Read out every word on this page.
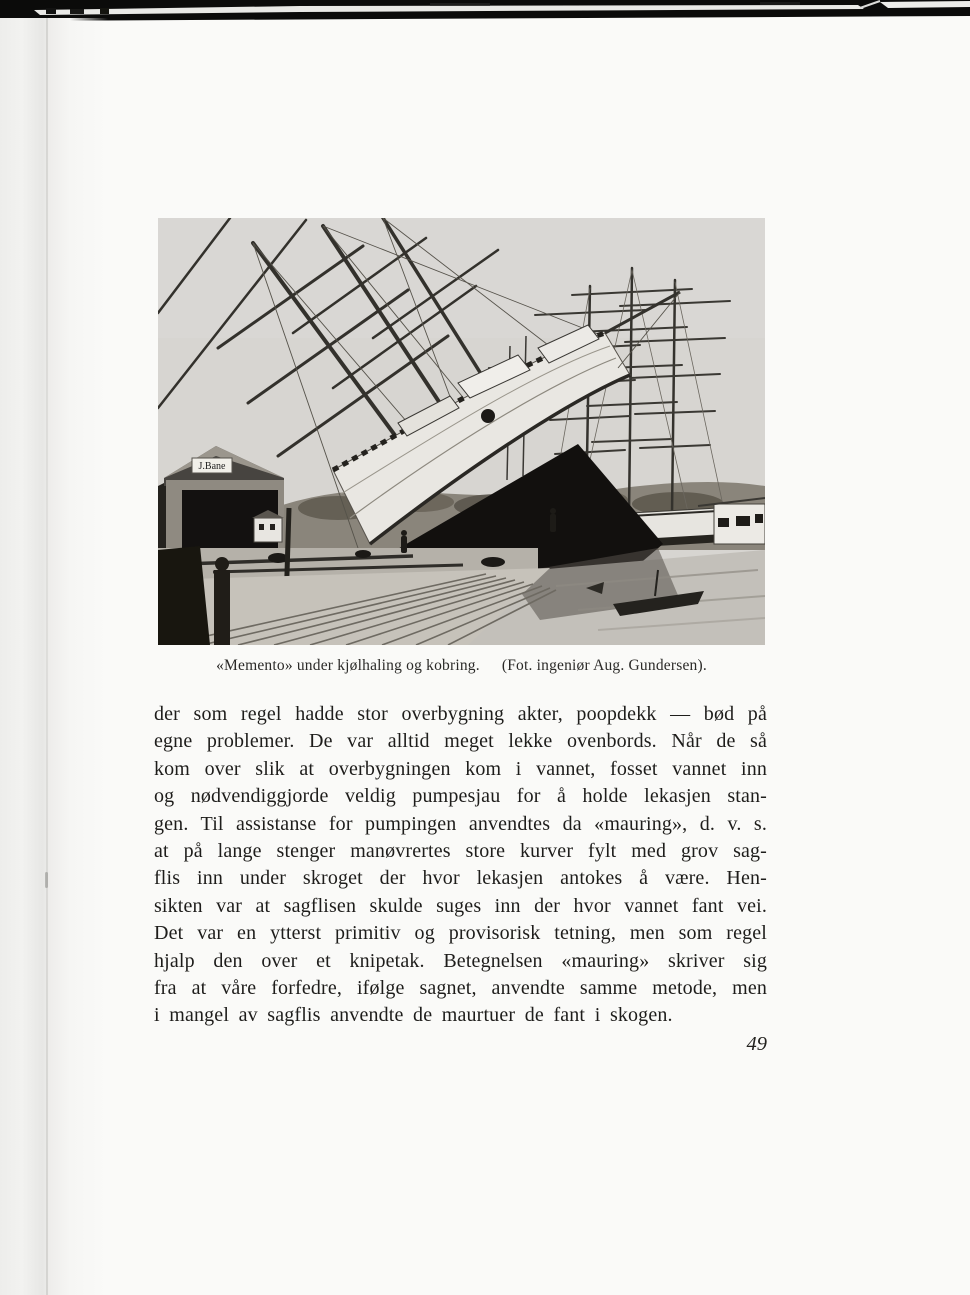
J.Bane
«Memento» under kjølhaling og kobring. (Fot. ingeniør Aug. Gundersen).
der som regel hadde stor overbygning akter, poopdekk — bød på
egne problemer. De var alltid meget lekke ovenbords. Når de så
kom over slik at overbygningen kom i vannet, fosset vannet inn
og nødvendiggjorde veldig pumpesjau for å holde lekasjen stan-
gen. Til assistanse for pumpingen anvendtes da «mauring», d. v. s.
at på lange stenger manøvrertes store kurver fylt med grov sag-
flis inn under skroget der hvor lekasjen antokes å være. Hen-
sikten var at sagflisen skulde suges inn der hvor vannet fant vei.
Det var en ytterst primitiv og provisorisk tetning, men som regel
hjalp den over et knipetak. Betegnelsen «mauring» skriver sig
fra at våre forfedre, ifølge sagnet, anvendte samme metode, men
i mangel av sagflis anvendte de maurtuer de fant i skogen.
49
